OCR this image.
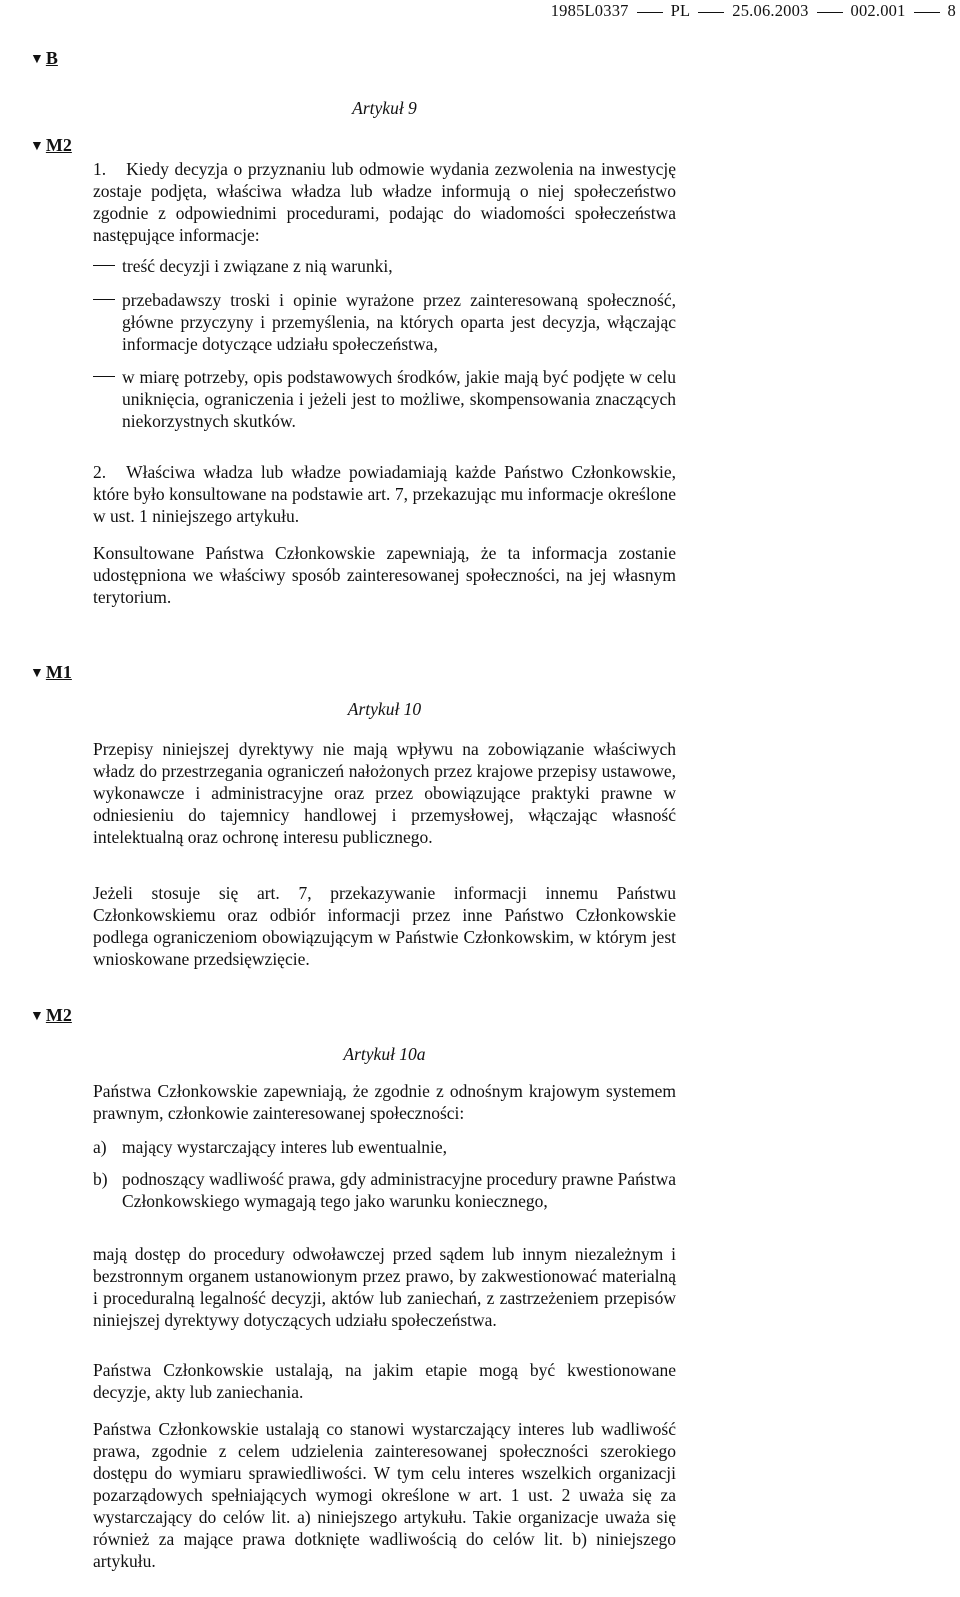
1985L0337	PL	25.06.2003	002.001	8
▼ B
Artykuł 9
▼ M2
1. Kiedy decyzja o przyznaniu lub odmowie wydania zezwolenia na inwestycję zostaje podjęta, właściwa władza lub władze informują o niej społeczeństwo zgodnie z odpowiednimi procedurami, podając do wiadomości społeczeństwa następujące informacje:
treść decyzji i związane z nią warunki,
przebadawszy troski i opinie wyrażone przez zainteresowaną społeczność, główne przyczyny i przemyślenia, na których oparta jest decyzja, włączając informacje dotyczące udziału społeczeństwa,
w miarę potrzeby, opis podstawowych środków, jakie mają być podjęte w celu uniknięcia, ograniczenia i jeżeli jest to możliwe, skompensowania znaczących niekorzystnych skutków.
2. Właściwa władza lub władze powiadamiają każde Państwo Członkowskie, które było konsultowane na podstawie art. 7, przekazując mu informacje określone w ust. 1 niniejszego artykułu.
Konsultowane Państwa Członkowskie zapewniają, że ta informacja zostanie udostępniona we właściwy sposób zainteresowanej społeczności, na jej własnym terytorium.
▼ M1
Artykuł 10
Przepisy niniejszej dyrektywy nie mają wpływu na zobowiązanie właściwych władz do przestrzegania ograniczeń nałożonych przez krajowe przepisy ustawowe, wykonawcze i administracyjne oraz przez obowiązujące praktyki prawne w odniesieniu do tajemnicy handlowej i przemysłowej, włączając własność intelektualną oraz ochronę interesu publicznego.
Jeżeli stosuje się art. 7, przekazywanie informacji innemu Państwu Członkowskiemu oraz odbiór informacji przez inne Państwo Członkowskie podlega ograniczeniom obowiązującym w Państwie Członkowskim, w którym jest wnioskowane przedsięwzięcie.
▼ M2
Artykuł 10a
Państwa Członkowskie zapewniają, że zgodnie z odnośnym krajowym systemem prawnym, członkowie zainteresowanej społeczności:
a) mający wystarczający interes lub ewentualnie,
b) podnoszący wadliwość prawa, gdy administracyjne procedury prawne Państwa Członkowskiego wymagają tego jako warunku koniecznego,
mają dostęp do procedury odwoławczej przed sądem lub innym niezależnym i bezstronnym organem ustanowionym przez prawo, by zakwestionować materialną i proceduralną legalność decyzji, aktów lub zaniechań, z zastrzeżeniem przepisów niniejszej dyrektywy dotyczących udziału społeczeństwa.
Państwa Członkowskie ustalają, na jakim etapie mogą być kwestionowane decyzje, akty lub zaniechania.
Państwa Członkowskie ustalają co stanowi wystarczający interes lub wadliwość prawa, zgodnie z celem udzielenia zainteresowanej społeczności szerokiego dostępu do wymiaru sprawiedliwości. W tym celu interes wszelkich organizacji pozarządowych spełniających wymogi określone w art. 1 ust. 2 uważa się za wystarczający do celów lit. a) niniejszego artykułu. Takie organizacje uważa się również za mające prawa dotknięte wadliwością do celów lit. b) niniejszego artykułu.
